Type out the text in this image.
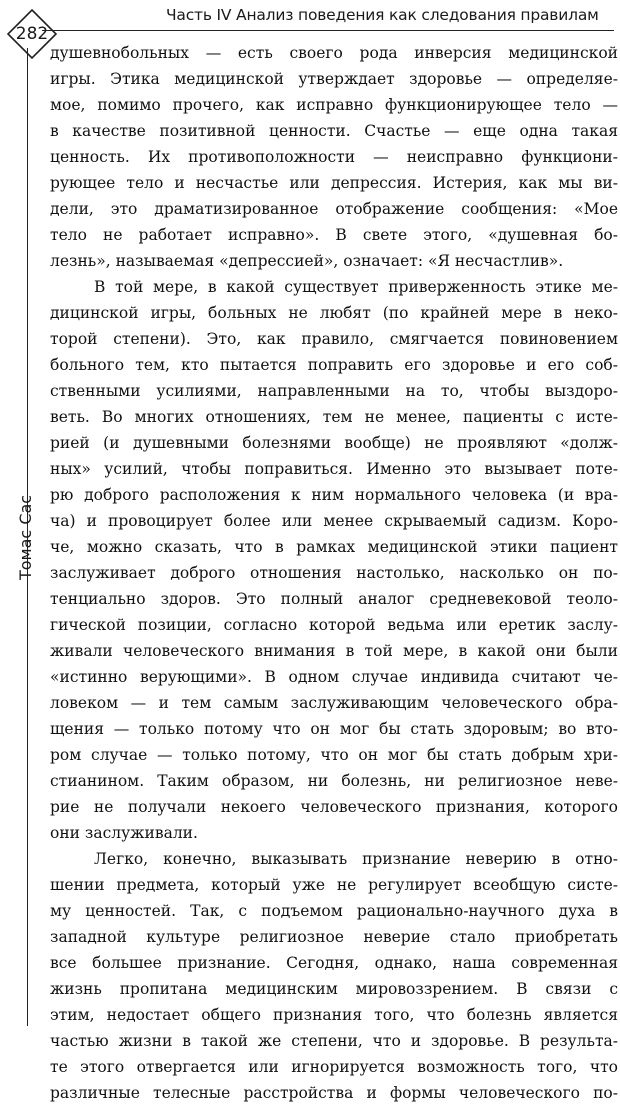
282
Часть IV Анализ поведения как следования правилам
Томас Сас
душевнобольных — есть своего рода инверсия медицинской
игры. Этика медицинской утверждает здоровье — определяе-
мое, помимо прочего, как исправно функционирующее тело —
в качестве позитивной ценности. Счастье — еще одна такая
ценность. Их противоположности — неисправно функциони-
рующее тело и несчастье или депрессия. Истерия, как мы ви-
дели, это драматизированное отображение сообщения: «Мое
тело не работает исправно». В свете этого, «душевная бо-
лезнь», называемая «депрессией», означает: «Я несчастлив».
В той мере, в какой существует приверженность этике ме-
дицинской игры, больных не любят (по крайней мере в неко-
торой степени). Это, как правило, смягчается повиновением
больного тем, кто пытается поправить его здоровье и его соб-
ственными усилиями, направленными на то, чтобы выздоро-
веть. Во многих отношениях, тем не менее, пациенты с исте-
рией (и душевными болезнями вообще) не проявляют «долж-
ных» усилий, чтобы поправиться. Именно это вызывает поте-
рю доброго расположения к ним нормального человека (и вра-
ча) и провоцирует более или менее скрываемый садизм. Коро-
че, можно сказать, что в рамках медицинской этики пациент
заслуживает доброго отношения настолько, насколько он по-
тенциально здоров. Это полный аналог средневековой теоло-
гической позиции, согласно которой ведьма или еретик заслу-
живали человеческого внимания в той мере, в какой они были
«истинно верующими». В одном случае индивида считают че-
ловеком — и тем самым заслуживающим человеческого обра-
щения — только потому что он мог бы стать здоровым; во вто-
ром случае — только потому, что он мог бы стать добрым хри-
стианином. Таким образом, ни болезнь, ни религиозное неве-
рие не получали некоего человеческого признания, которого
они заслуживали.
Легко, конечно, выказывать признание неверию в отно-
шении предмета, который уже не регулирует всеобщую систе-
му ценностей. Так, с подъемом рационально-научного духа в
западной культуре религиозное неверие стало приобретать
все большее признание. Сегодня, однако, наша современная
жизнь пропитана медицинским мировоззрением. В связи с
этим, недостает общего признания того, что болезнь является
частью жизни в такой же степени, что и здоровье. В результа-
те этого отвергается или игнорируется возможность того, что
различные телесные расстройства и формы человеческого по-
